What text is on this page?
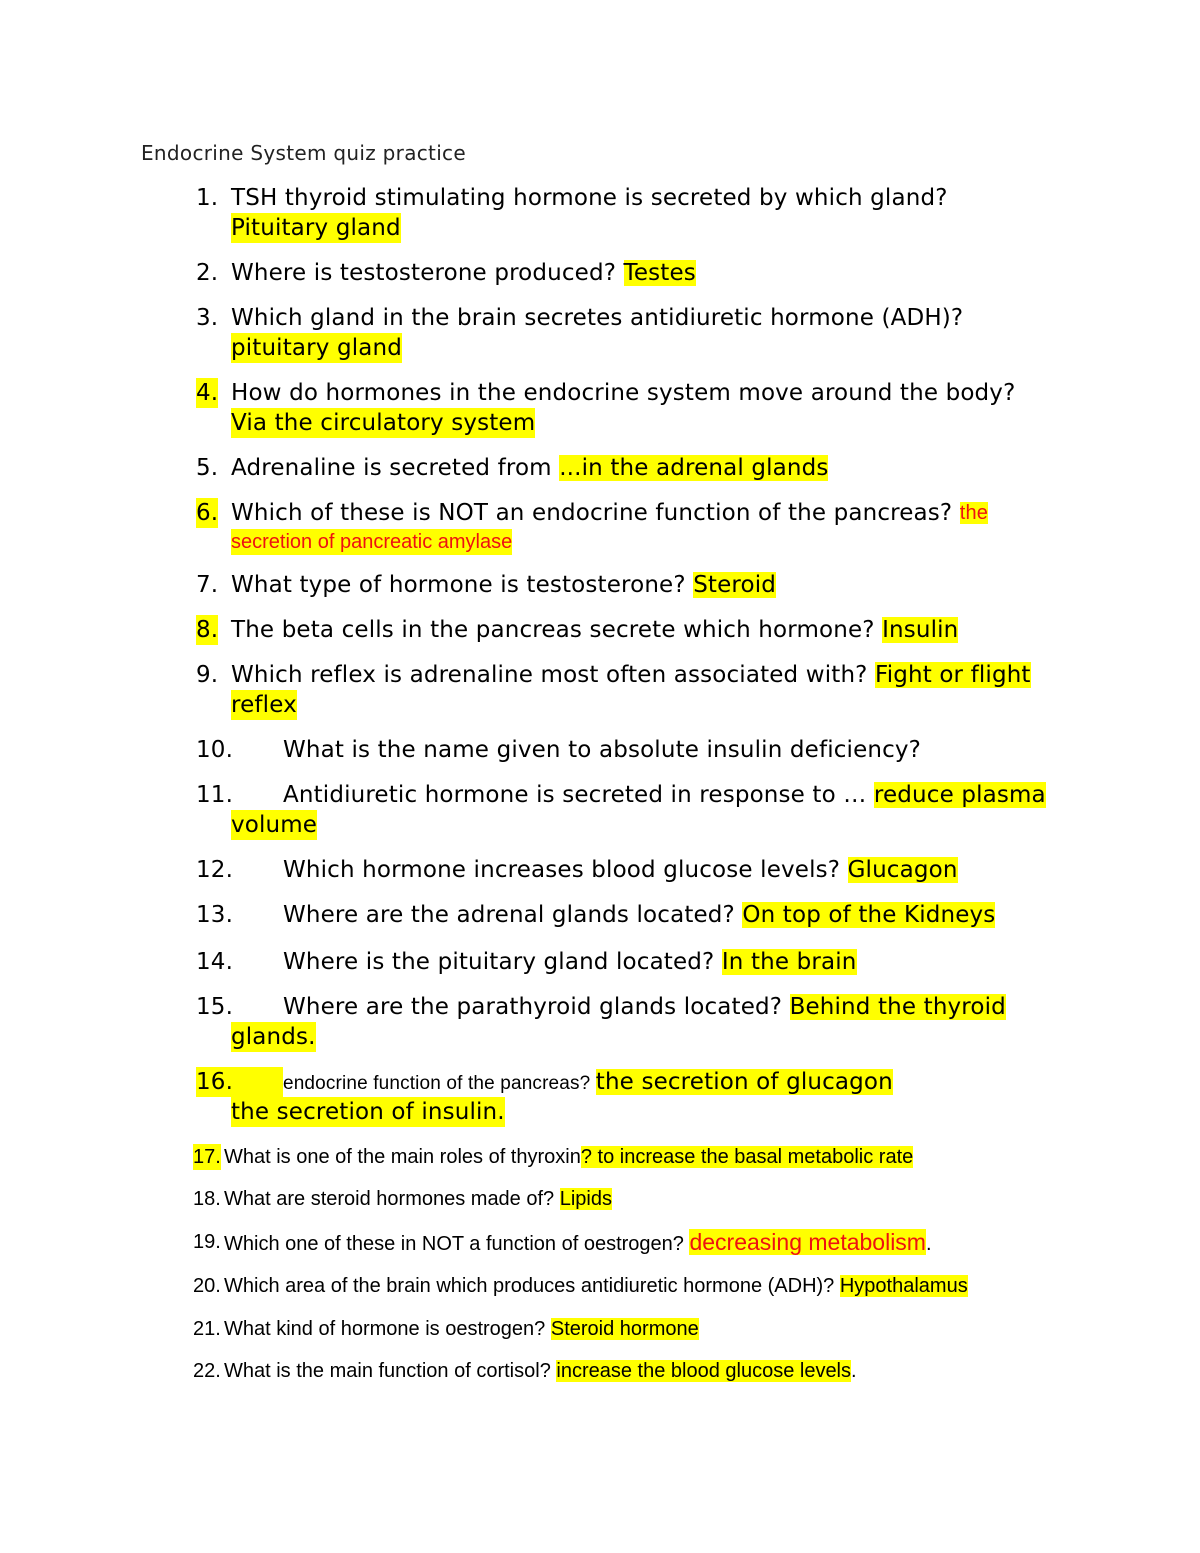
Endocrine System quiz practice
1. TSH thyroid stimulating hormone is secreted by which gland?
Pituitary gland
2. Where is testosterone produced? Testes
3. Which gland in the brain secretes antidiuretic hormone (ADH)?
pituitary gland
4. How do hormones in the endocrine system move around the body?
Via the circulatory system
5. Adrenaline is secreted from ...in the adrenal glands
6. Which of these is NOT an endocrine function of the pancreas? the
secretion of pancreatic amylase
7. What type of hormone is testosterone? Steroid
8. The beta cells in the pancreas secrete which hormone? Insulin
9. Which reflex is adrenaline most often associated with? Fight or flight
reflex
10. What is the name given to absolute insulin deficiency?
11. Antidiuretic hormone is secreted in response to … reduce plasma
volume
12. Which hormone increases blood glucose levels? Glucagon
13. Where are the adrenal glands located? On top of the Kidneys
14. Where is the pituitary gland located? In the brain
15. Where are the parathyroid glands located? Behind the thyroid
glands.
16.	endocrine function of the pancreas? the secretion of glucagon
the secretion of insulin.
17. What is one of the main roles of thyroxin? to increase the basal metabolic rate
18. What are steroid hormones made of? Lipids
19. Which one of these in NOT a function of oestrogen? decreasing metabolism.
20. Which area of the brain which produces antidiuretic hormone (ADH)? Hypothalamus
21. What kind of hormone is oestrogen? Steroid hormone
22. What is the main function of cortisol? increase the blood glucose levels.
